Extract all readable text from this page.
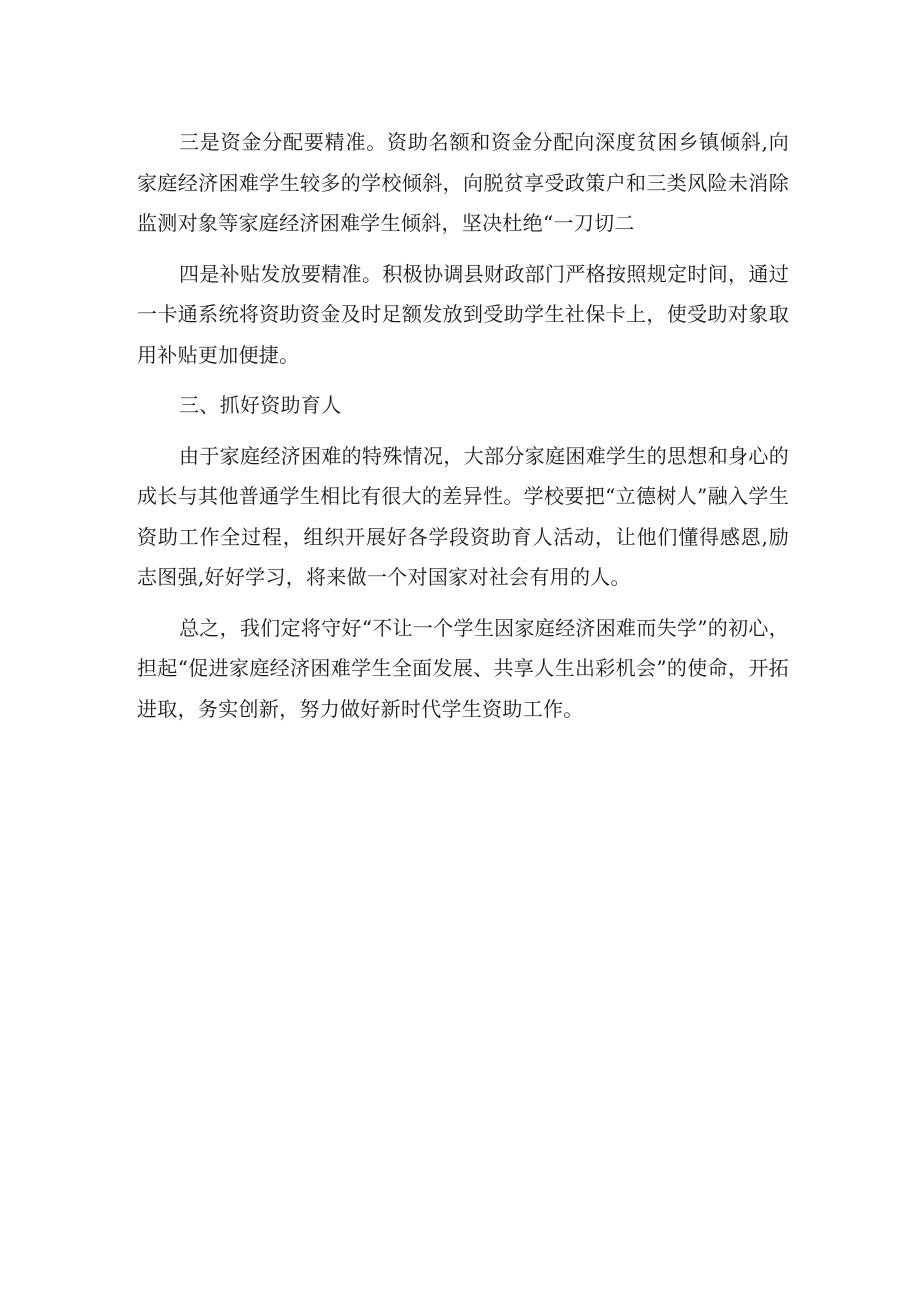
三是资金分配要精准。资助名额和资金分配向深度贫困乡镇倾斜,向家庭经济困难学生较多的学校倾斜，向脱贫享受政策户和三类风险未消除监测对象等家庭经济困难学生倾斜，坚决杜绝“一刀切二

四是补贴发放要精准。积极协调县财政部门严格按照规定时间，通过一卡通系统将资助资金及时足额发放到受助学生社保卡上，使受助对象取用补贴更加便捷。

三、抓好资助育人

由于家庭经济困难的特殊情况，大部分家庭困难学生的思想和身心的成长与其他普通学生相比有很大的差异性。学校要把“立德树人”融入学生资助工作全过程，组织开展好各学段资助育人活动，让他们懂得感恩,励志图强,好好学习，将来做一个对国家对社会有用的人。

总之，我们定将守好“不让一个学生因家庭经济困难而失学”的初心，担起“促进家庭经济困难学生全面发展、共享人生出彩机会”的使命，开拓进取，务实创新，努力做好新时代学生资助工作。
